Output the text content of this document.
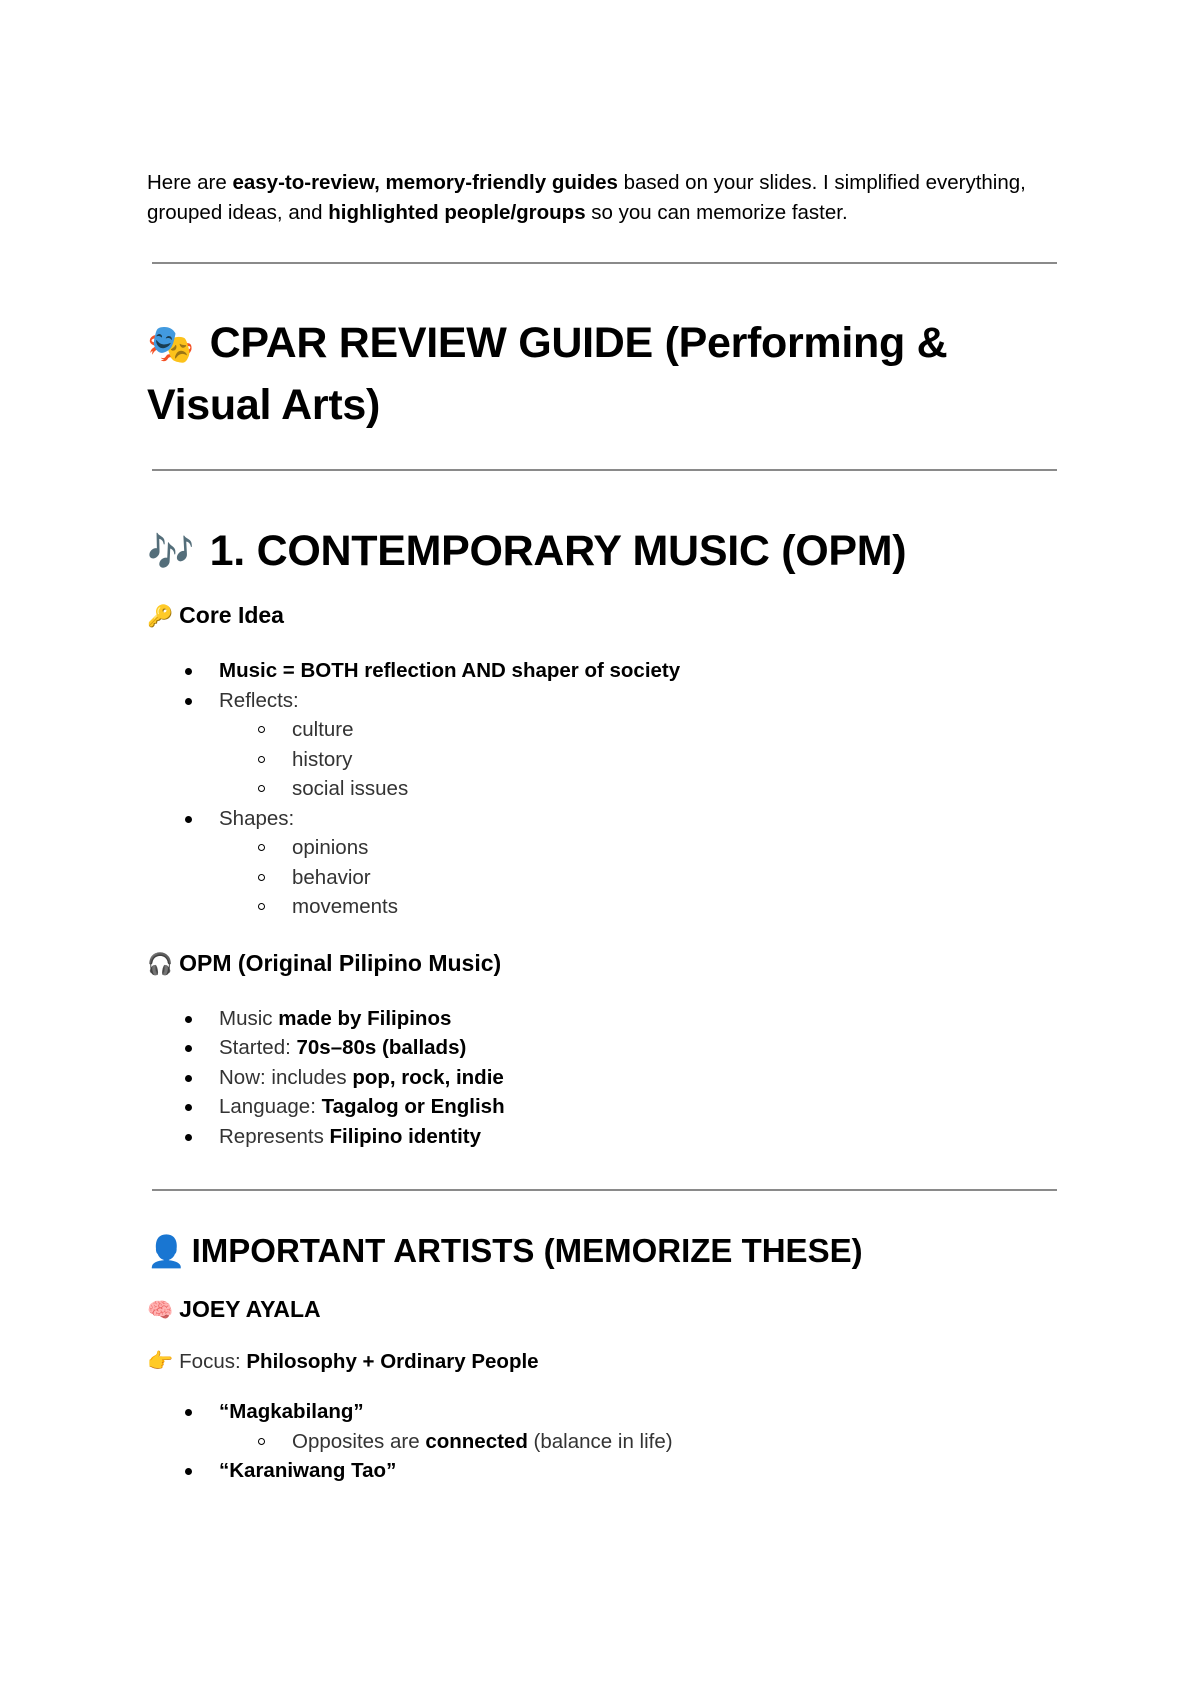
Here are easy-to-review, memory-friendly guides based on your slides. I simplified everything, grouped ideas, and highlighted people/groups so you can memorize faster.

🎭 CPAR REVIEW GUIDE (Performing & Visual Arts)
🎶 1. CONTEMPORARY MUSIC (OPM)
🔑 Core Idea
Music = BOTH reflection AND shaper of society
Reflects:
culture
history
social issues
Shapes:
opinions
behavior
movements
🎧 OPM (Original Pilipino Music)
Music made by Filipinos
Started: 70s–80s (ballads)
Now: includes pop, rock, indie
Language: Tagalog or English
Represents Filipino identity
👤 IMPORTANT ARTISTS (MEMORIZE THESE)
🧠 JOEY AYALA

👉 Focus: Philosophy + Ordinary People

“Magkabilang”
Opposites are connected (balance in life)
“Karaniwang Tao”
